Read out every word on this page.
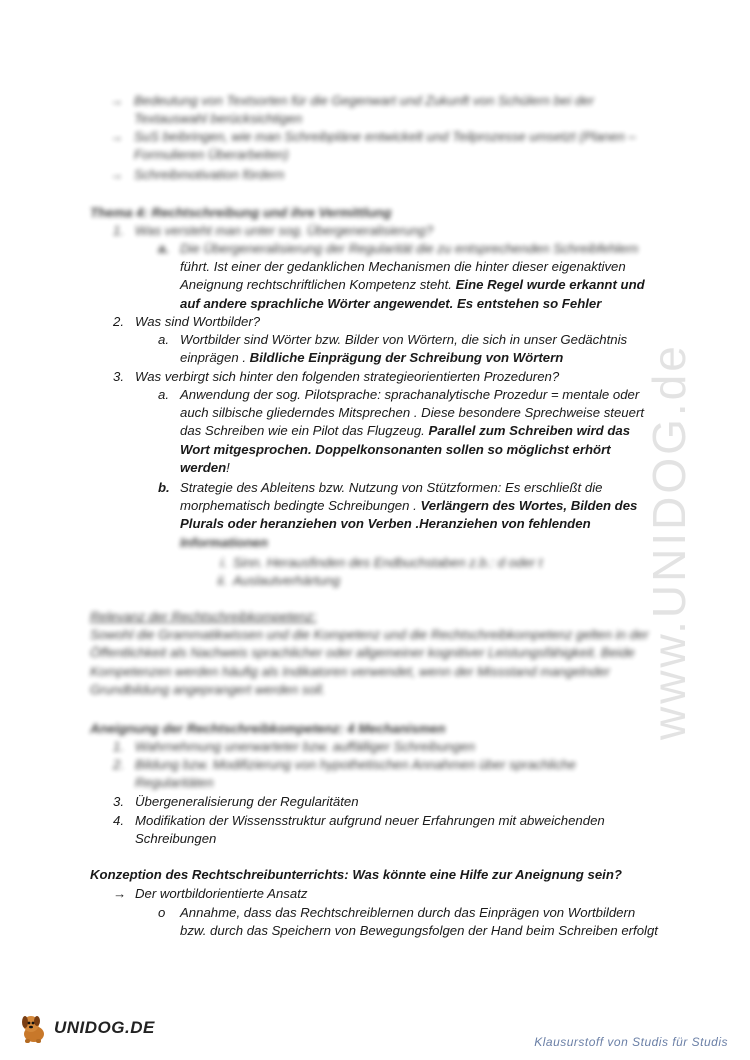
www.UNIDOG.de
→ Bedeutung von Textsorten für die Gegenwart und Zukunft von Schülern bei der Textauswahl berücksichtigen
→ SuS beibringen, wie man Schreibpläne entwickelt und Teilprozesse umsetzt (Planen – Formulieren Überarbeiten)
→ Schreibmotivation fördern
Thema 4: Rechtschreibung und ihre Vermittlung
1. Was versteht man unter sog. Übergeneralisierung?
a. Die Übergeneralisierung der Regularität die zu entsprechenden Schreibfehlern
führt. Ist einer der gedanklichen Mechanismen die hinter dieser eigenaktiven Aneignung rechtschriftlichen Kompetenz steht. Eine Regel wurde erkannt und auf andere sprachliche Wörter angewendet. Es entstehen so Fehler
2. Was sind Wortbilder?
a. Wortbilder sind Wörter bzw. Bilder von Wörtern, die sich in unser Gedächtnis einprägen . Bildliche Einprägung der Schreibung von Wörtern
3. Was verbirgt sich hinter den folgenden strategieorientierten Prozeduren?
a. Anwendung der sog. Pilotsprache: sprachanalytische Prozedur = mentale oder auch silbische gliederndes Mitsprechen . Diese besondere Sprechweise steuert das Schreiben wie ein Pilot das Flugzeug. Parallel zum Schreiben wird das Wort mitgesprochen. Doppelkonsonanten sollen so möglichst erhört werden!
b. Strategie des Ableitens bzw. Nutzung von Stützformen: Es erschließt die morphematisch bedingte Schreibungen . Verlängern des Wortes, Bilden des Plurals oder heranziehen von Verben .Heranziehen von fehlenden Informationen
i. Sinn. Herausfinden des Endbuchstaben z.b.: d oder t
ii. Auslautverhärtung
Relevanz der Rechtschreibkompetenz:
Sowohl die Grammatikwissen und die Kompetenz und die Rechtschreibkompetenz gelten in der Öffentlichkeit als Nachweis sprachlicher oder allgemeiner kognitiver Leistungsfähigkeit. Beide Kompetenzen werden häufig als Indikatoren verwendet, wenn der Missstand mangelnder Grundbildung angeprangert werden soll.
Aneignung der Rechtschreibkompetenz: 4 Mechanismen
1. Wahrnehmung unerwarteter bzw. auffälliger Schreibungen
2. Bildung bzw. Modifizierung von hypothetischen Annahmen über sprachliche Regularitäten
3. Übergeneralisierung der Regularitäten
4. Modifikation der Wissensstruktur aufgrund neuer Erfahrungen mit abweichenden Schreibungen
Konzeption des Rechtschreibunterrichts: Was könnte eine Hilfe zur Aneignung sein?
→ Der wortbildorientierte Ansatz
o	Annahme, dass das Rechtschreiblernen durch das Einprägen von Wortbildern bzw. durch das Speichern von Bewegungsfolgen der Hand beim Schreiben erfolgt
UNIDOG.DE
Klausurstoff von Studis für Studis
